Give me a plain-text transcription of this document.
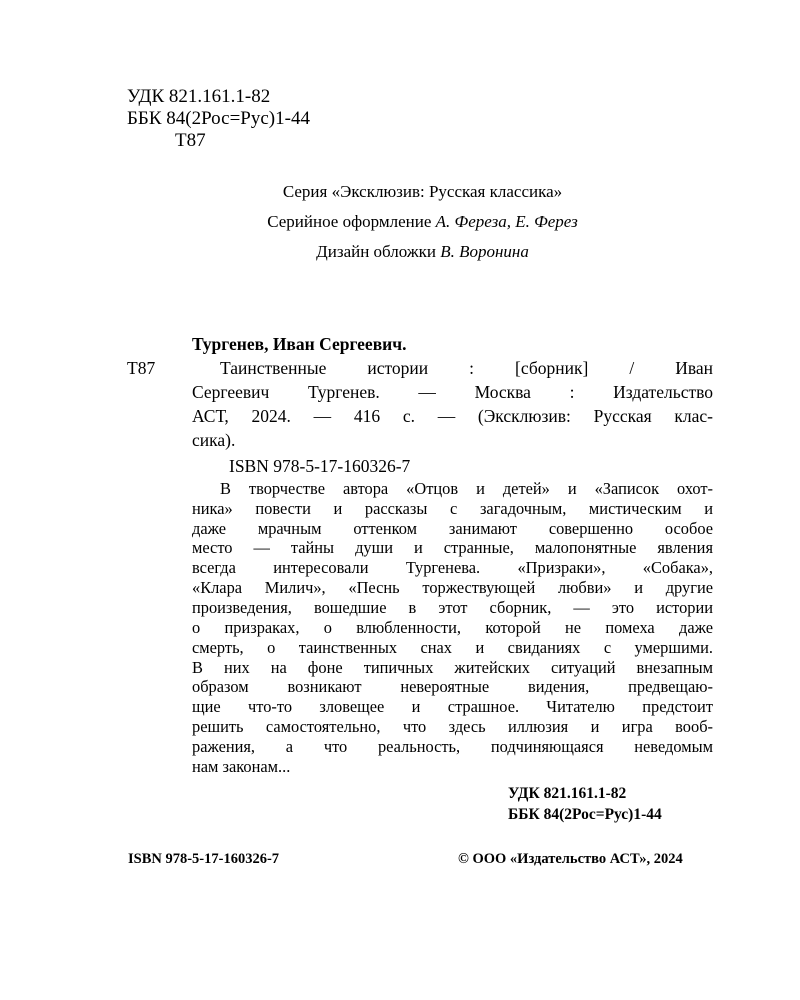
УДК 821.161.1-82
ББК 84(2Рос=Рус)1-44
Т87
Серия «Эксклюзив: Русская классика»
Серийное оформление А. Фереза, Е. Ферез
Дизайн обложки В. Воронина
Тургенев, Иван Сергеевич.
Т87	Таинственные истории : [сборник] / Иван
Сергеевич Тургенев. — Москва : Издательство
АСТ, 2024. — 416 с. — (Эксклюзив: Русская клас-
сика).
ISBN 978-5-17-160326-7
В творчестве автора «Отцов и детей» и «Записок охот-
ника» повести и рассказы с загадочным, мистическим и
даже мрачным оттенком занимают совершенно особое
место — тайны души и странные, малопонятные явления
всегда интересовали Тургенева. «Призраки», «Собака»,
«Клара Милич», «Песнь торжествующей любви» и другие
произведения, вошедшие в этот сборник, — это истории
о призраках, о влюбленности, которой не помеха даже
смерть, о таинственных снах и свиданиях с умершими.
В них на фоне типичных житейских ситуаций внезапным
образом возникают невероятные видения, предвещаю-
щие что-то зловещее и страшное. Читателю предстоит
решить самостоятельно, что здесь иллюзия и игра вооб-
ражения, а что реальность, подчиняющаяся неведомым
нам законам...
УДК 821.161.1-82
ББК 84(2Рос=Рус)1-44
ISBN 978-5-17-160326-7	© ООО «Издательство АСТ», 2024
